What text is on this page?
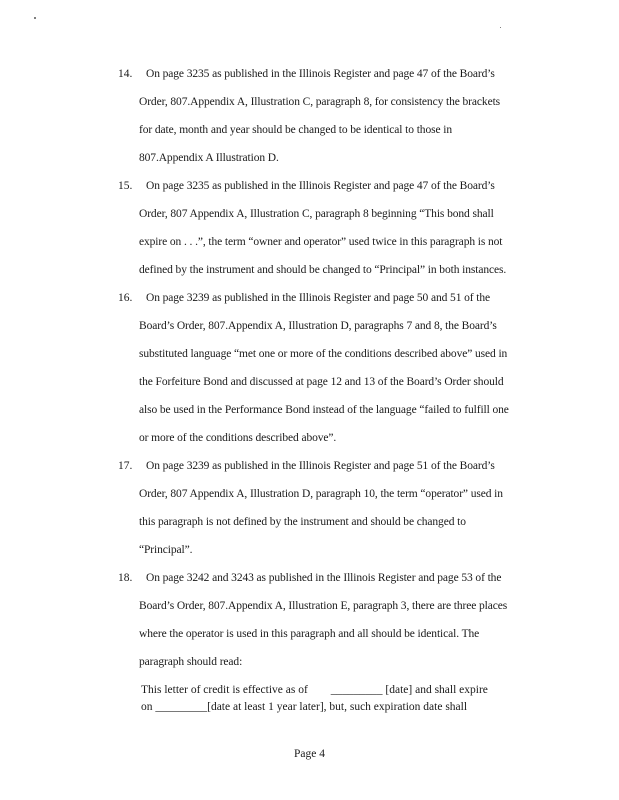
14. On page 3235 as published in the Illinois Register and page 47 of the Board’s
Order, 807.Appendix A, Illustration C, paragraph 8, for consistency the brackets
for date, month and year should be changed to be identical to those in
807.Appendix A Illustration D.
15. On page 3235 as published in the Illinois Register and page 47 of the Board’s
Order, 807 Appendix A, Illustration C, paragraph 8 beginning “This bond shall
expire on . . .”, the term “owner and operator” used twice in this paragraph is not
defined by the instrument and should be changed to “Principal” in both instances.
16. On page 3239 as published in the Illinois Register and page 50 and 51 of the
Board’s Order, 807.Appendix A, Illustration D, paragraphs 7 and 8, the Board’s
substituted language “met one or more of the conditions described above” used in
the Forfeiture Bond and discussed at page 12 and 13 of the Board’s Order should
also be used in the Performance Bond instead of the language “failed to fulfill one
or more of the conditions described above”.
17. On page 3239 as published in the Illinois Register and page 51 of the Board’s
Order, 807 Appendix A, Illustration D, paragraph 10, the term “operator” used in
this paragraph is not defined by the instrument and should be changed to
“Principal”.
18. On page 3242 and 3243 as published in the Illinois Register and page 53 of the
Board’s Order, 807.Appendix A, Illustration E, paragraph 3, there are three places
where the operator is used in this paragraph and all should be identical. The
paragraph should read:
This letter of credit is effective as of        _________ [date] and shall expire
on _________[date at least 1 year later], but, such expiration date shall
Page 4
